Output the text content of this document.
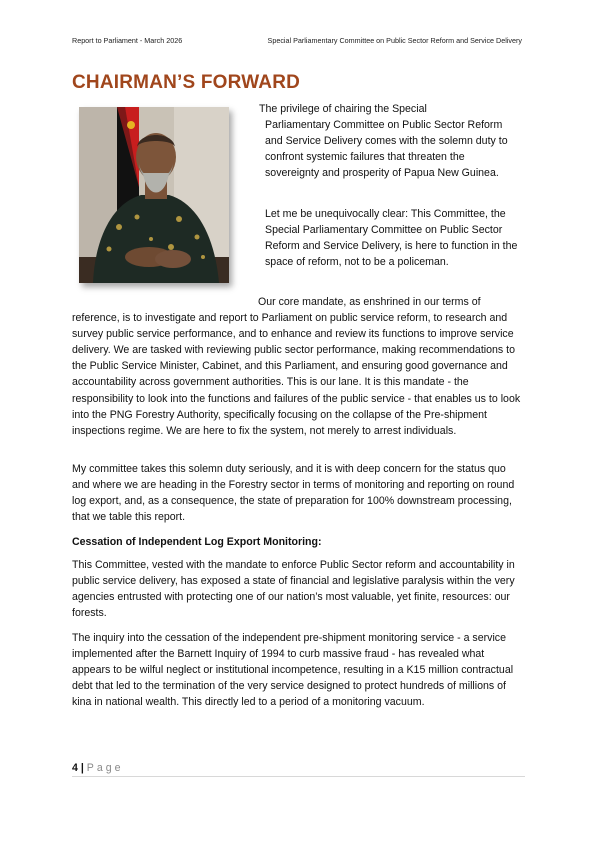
Report to Parliament - March 2026	Special Parliamentary Committee on Public Sector Reform and Service Delivery
CHAIRMAN’S FORWARD

The privilege of chairing the Special
Parliamentary Committee on Public Sector Reform and Service Delivery comes with the solemn duty to confront systemic failures that threaten the sovereignty and prosperity of Papua New Guinea.

Let me be unequivocally clear: This Committee, the Special Parliamentary Committee on Public Sector Reform and Service Delivery, is here to function in the space of reform, not to be a policeman.

Our core mandate, as enshrined in our terms of reference, is to investigate and report to Parliament on public service reform, to research and survey public service performance, and to enhance and review its functions to improve service delivery. We are tasked with reviewing public sector performance, making recommendations to the Public Service Minister, Cabinet, and this Parliament, and ensuring good governance and accountability across government authorities. This is our lane. It is this mandate - the responsibility to look into the functions and failures of the public service - that enables us to look into the PNG Forestry Authority, specifically focusing on the collapse of the Pre-shipment inspections regime. We are here to fix the system, not merely to arrest individuals.

My committee takes this solemn duty seriously, and it is with deep concern for the status quo and where we are heading in the Forestry sector in terms of monitoring and reporting on round log export, and, as a consequence, the state of preparation for 100% downstream processing, that we table this report.

Cessation of Independent Log Export Monitoring:

This Committee, vested with the mandate to enforce Public Sector reform and accountability in public service delivery, has exposed a state of financial and legislative paralysis within the very agencies entrusted with protecting one of our nation’s most valuable, yet finite, resources: our forests.

The inquiry into the cessation of the independent pre-shipment monitoring service - a service implemented after the Barnett Inquiry of 1994 to curb massive fraud - has revealed what appears to be wilful neglect or institutional incompetence, resulting in a K15 million contractual debt that led to the termination of the very service designed to protect hundreds of millions of kina in national wealth. This directly led to a period of a monitoring vacuum.

4 | Page
